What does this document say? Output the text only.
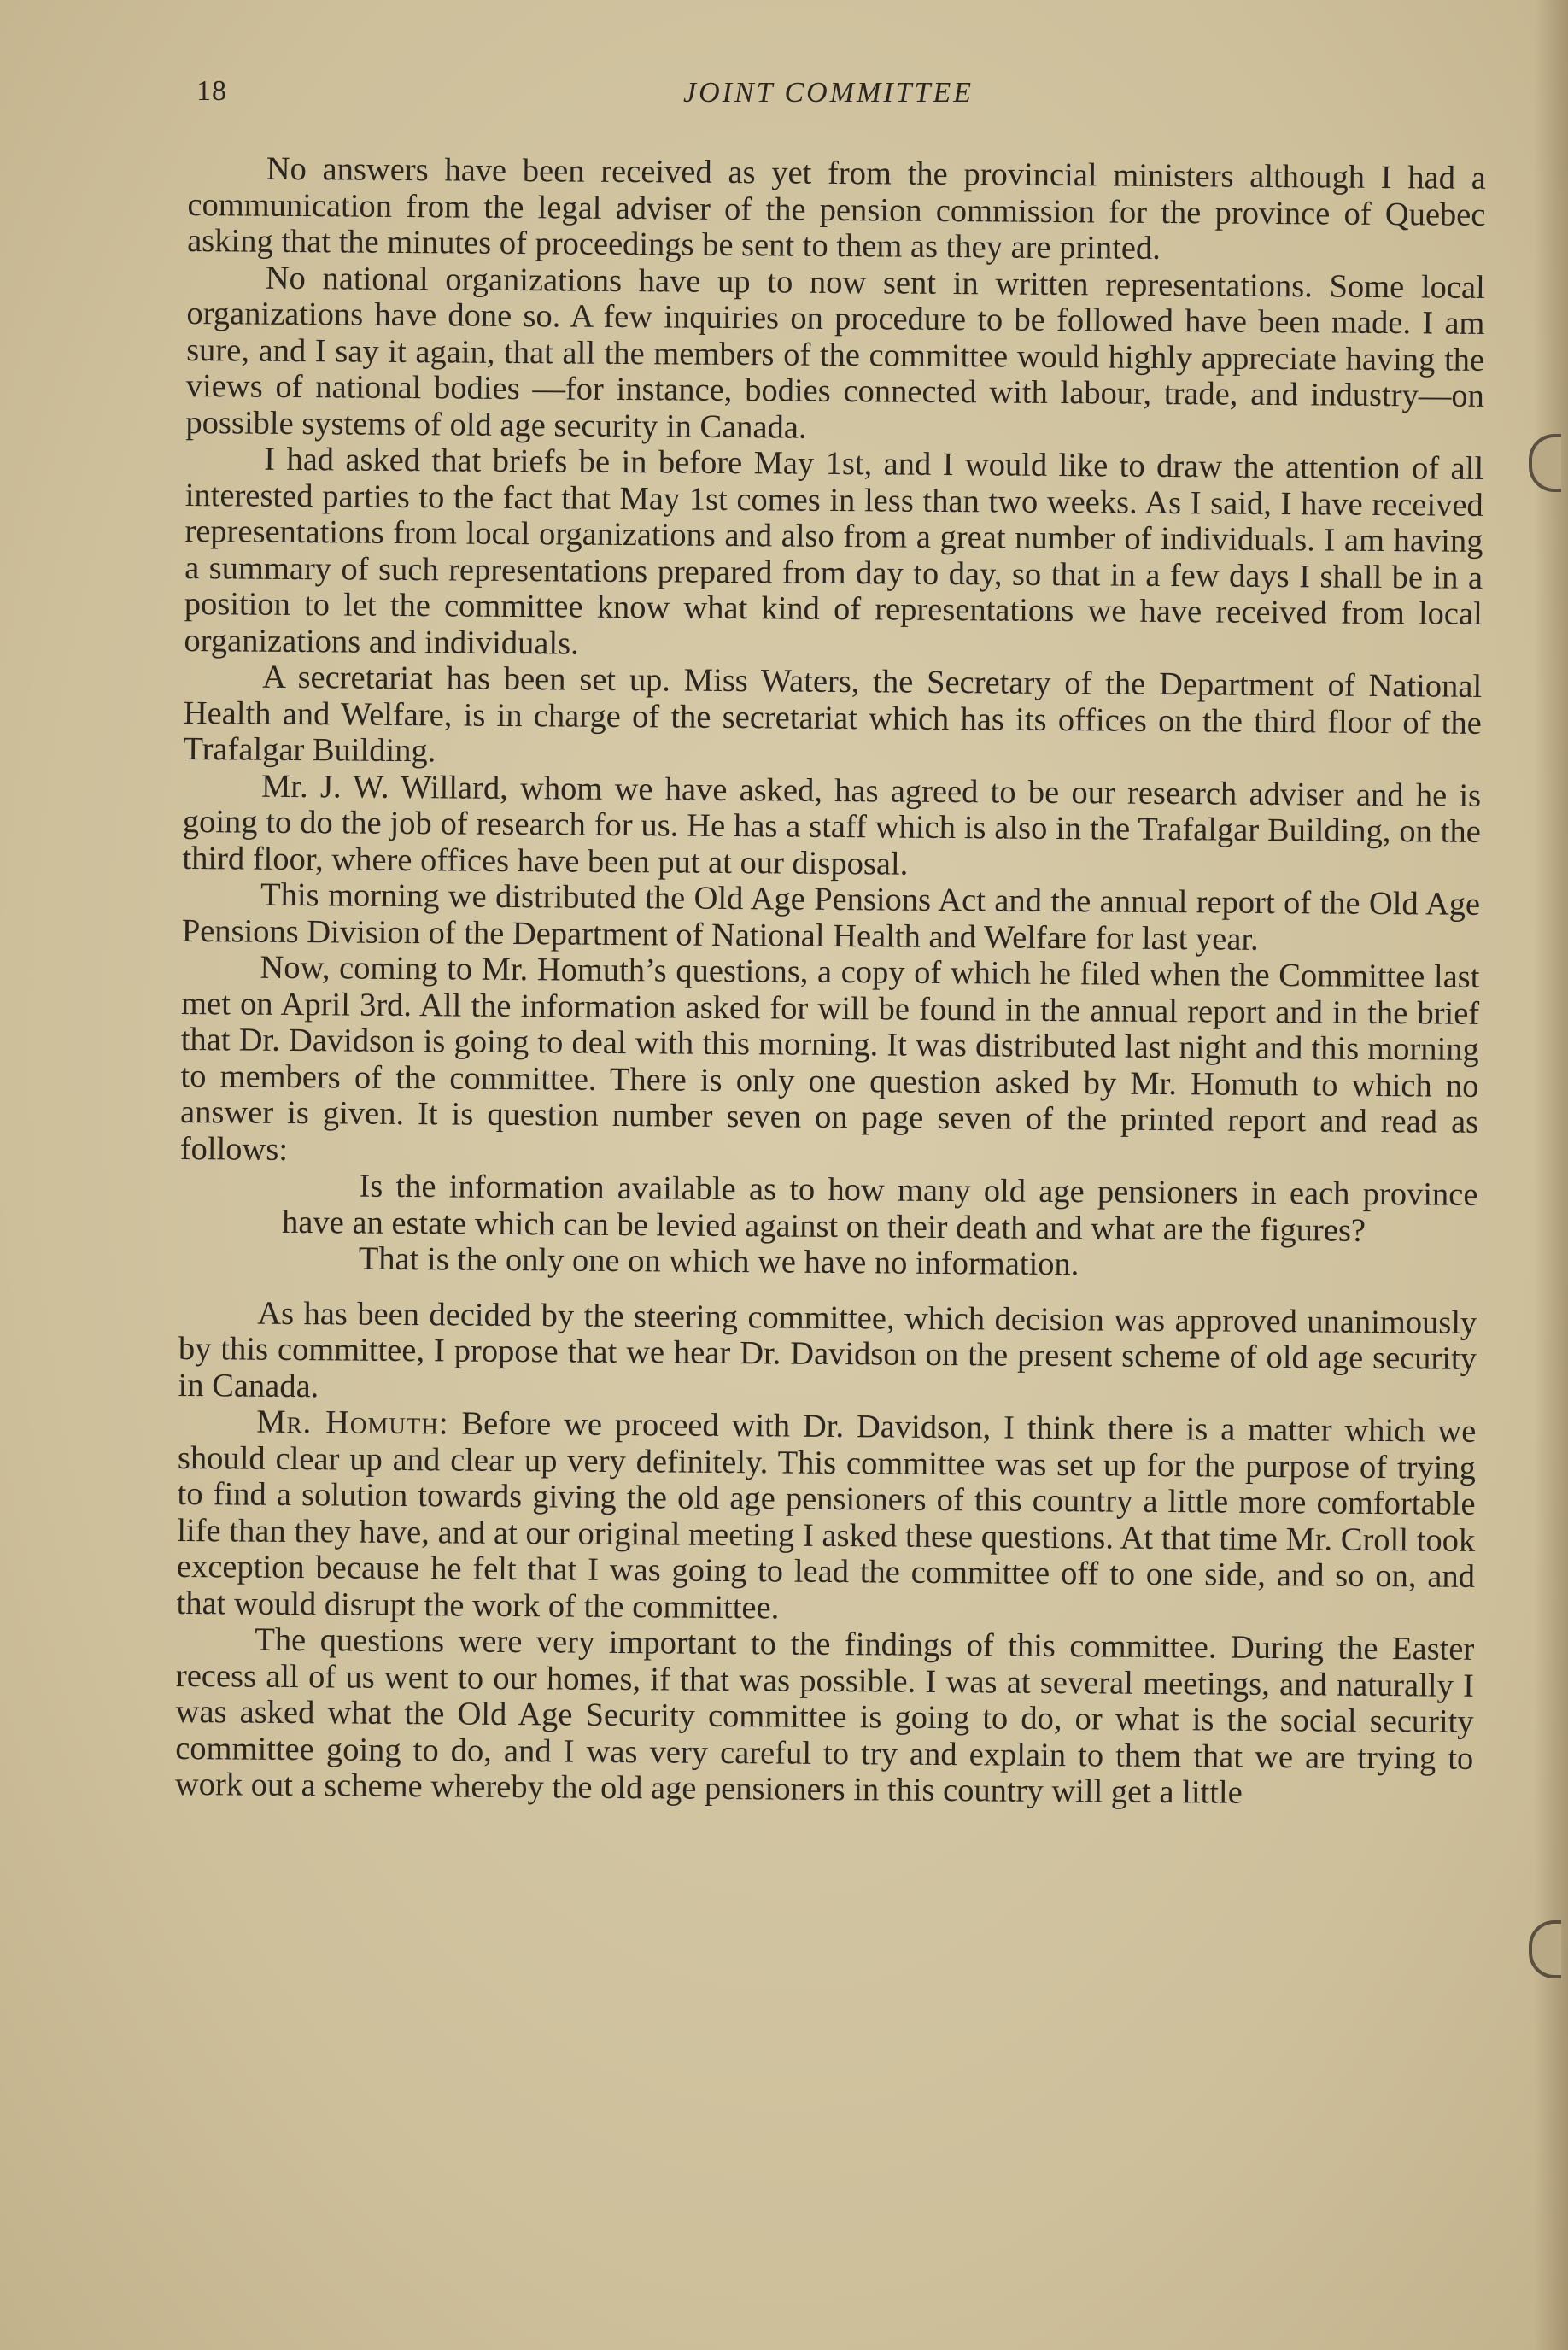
18	JOINT COMMITTEE

No answers have been received as yet from the provincial ministers although I had a communication from the legal adviser of the pension commission for the province of Quebec asking that the minutes of proceedings be sent to them as they are printed.

No national organizations have up to now sent in written representations. Some local organizations have done so. A few inquiries on procedure to be followed have been made. I am sure, and I say it again, that all the members of the committee would highly appreciate having the views of national bodies —for instance, bodies connected with labour, trade, and industry—on possible systems of old age security in Canada.

I had asked that briefs be in before May 1st, and I would like to draw the attention of all interested parties to the fact that May 1st comes in less than two weeks. As I said, I have received representations from local organizations and also from a great number of individuals. I am having a summary of such representations prepared from day to day, so that in a few days I shall be in a position to let the committee know what kind of representations we have received from local organizations and individuals.

A secretariat has been set up. Miss Waters, the Secretary of the Department of National Health and Welfare, is in charge of the secretariat which has its offices on the third floor of the Trafalgar Building.

Mr. J. W. Willard, whom we have asked, has agreed to be our research adviser and he is going to do the job of research for us. He has a staff which is also in the Trafalgar Building, on the third floor, where offices have been put at our disposal.

This morning we distributed the Old Age Pensions Act and the annual report of the Old Age Pensions Division of the Department of National Health and Welfare for last year.

Now, coming to Mr. Homuth’s questions, a copy of which he filed when the Committee last met on April 3rd. All the information asked for will be found in the annual report and in the brief that Dr. Davidson is going to deal with this morning. It was distributed last night and this morning to members of the committee. There is only one question asked by Mr. Homuth to which no answer is given. It is question number seven on page seven of the printed report and read as follows:

Is the information available as to how many old age pensioners in each province have an estate which can be levied against on their death and what are the figures?

That is the only one on which we have no information.

As has been decided by the steering committee, which decision was approved unanimously by this committee, I propose that we hear Dr. Davidson on the present scheme of old age security in Canada.

Mr. Homuth: Before we proceed with Dr. Davidson, I think there is a matter which we should clear up and clear up very definitely. This committee was set up for the purpose of trying to find a solution towards giving the old age pensioners of this country a little more comfortable life than they have, and at our original meeting I asked these questions. At that time Mr. Croll took exception because he felt that I was going to lead the committee off to one side, and so on, and that would disrupt the work of the committee.

The questions were very important to the findings of this committee. During the Easter recess all of us went to our homes, if that was possible. I was at several meetings, and naturally I was asked what the Old Age Security committee is going to do, or what is the social security committee going to do, and I was very careful to try and explain to them that we are trying to work out a scheme whereby the old age pensioners in this country will get a little
